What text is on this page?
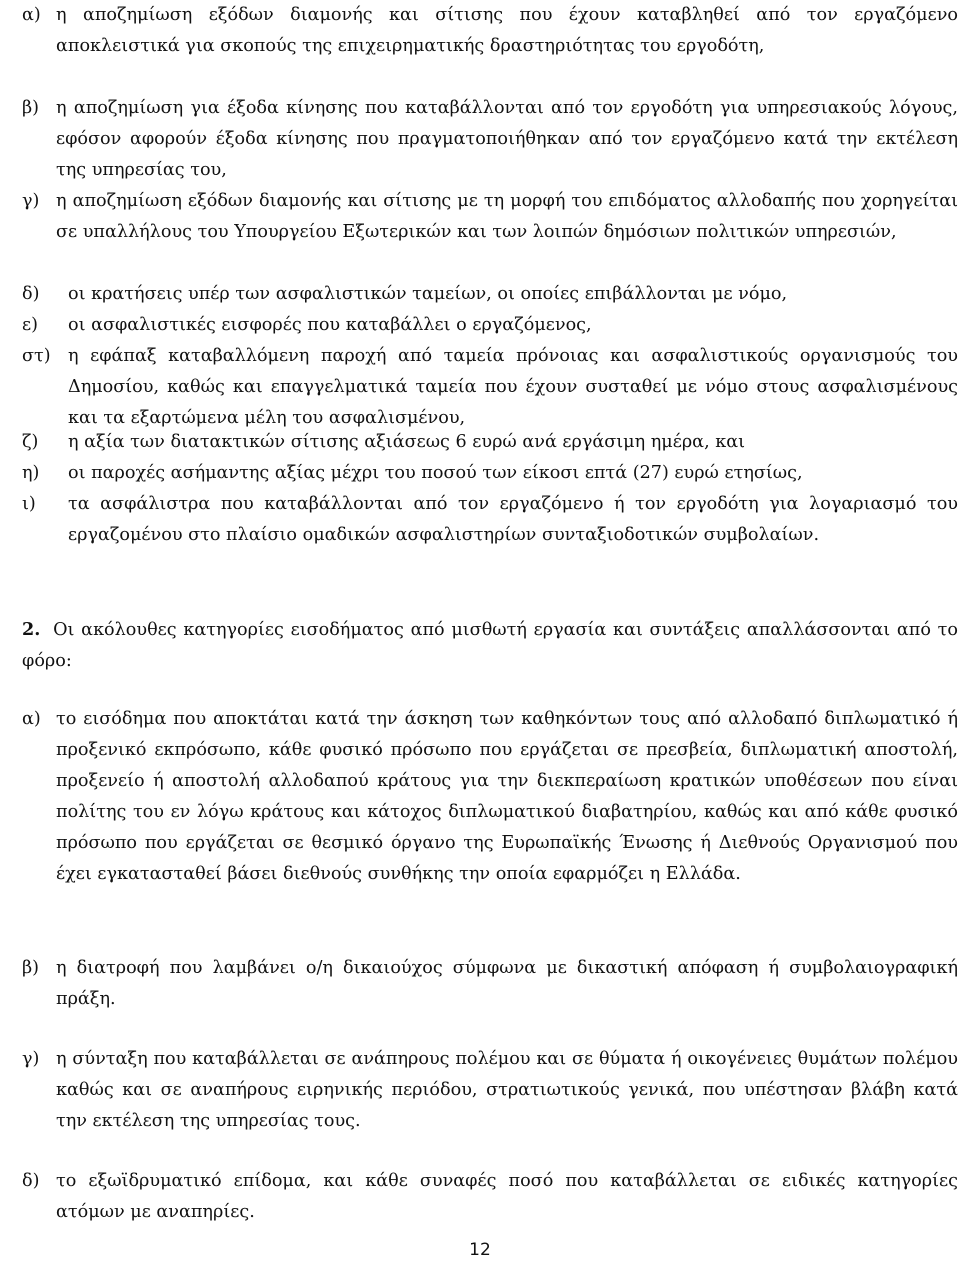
α) η αποζημίωση εξόδων διαμονής και σίτισης που έχουν καταβληθεί από τον εργαζόμενο αποκλειστικά για σκοπούς της επιχειρηματικής δραστηριότητας του εργοδότη,
β) η αποζημίωση για έξοδα κίνησης που καταβάλλονται από τον εργοδότη για υπηρεσιακούς λόγους, εφόσον αφορούν έξοδα κίνησης που πραγματοποιήθηκαν από τον εργαζόμενο κατά την εκτέλεση της υπηρεσίας του,
γ) η αποζημίωση εξόδων διαμονής και σίτισης με τη μορφή του επιδόματος αλλοδαπής που χορηγείται σε υπαλλήλους του Υπουργείου Εξωτερικών και των λοιπών δημόσιων πολιτικών υπηρεσιών,
δ)	οι κρατήσεις υπέρ των ασφαλιστικών ταμείων, οι οποίες επιβάλλονται με νόμο,
ε)	οι ασφαλιστικές εισφορές που καταβάλλει ο εργαζόμενος,
στ) η εφάπαξ καταβαλλόμενη παροχή από ταμεία πρόνοιας και ασφαλιστικούς οργανισμούς του Δημοσίου, καθώς και επαγγελματικά ταμεία που έχουν συσταθεί με νόμο στους ασφαλισμένους και τα εξαρτώμενα μέλη του ασφαλισμένου,
ζ)	η αξία των διατακτικών σίτισης αξιάσεως 6 ευρώ ανά εργάσιμη ημέρα, και
η)	οι παροχές ασήμαντης αξίας μέχρι του ποσού των είκοσι επτά (27) ευρώ ετησίως,
ι)	τα ασφάλιστρα που καταβάλλονται από τον εργαζόμενο ή τον εργοδότη για λογαριασμό του εργαζομένου στο πλαίσιο ομαδικών ασφαλιστηρίων συνταξιοδοτικών συμβολαίων.
2. Οι ακόλουθες κατηγορίες εισοδήματος από μισθωτή εργασία και συντάξεις απαλλάσσονται από το φόρο:
α) το εισόδημα που αποκτάται κατά την άσκηση των καθηκόντων τους από αλλοδαπό διπλωματικό ή προξενικό εκπρόσωπο, κάθε φυσικό πρόσωπο που εργάζεται σε πρεσβεία, διπλωματική αποστολή, προξενείο ή αποστολή αλλοδαπού κράτους για την διεκπεραίωση κρατικών υποθέσεων που είναι πολίτης του εν λόγω κράτους και κάτοχος διπλωματικού διαβατηρίου, καθώς και από κάθε φυσικό πρόσωπο που εργάζεται σε θεσμικό όργανο της Ευρωπαϊκής Ένωσης ή Διεθνούς Οργανισμού που έχει εγκατασταθεί βάσει διεθνούς συνθήκης την οποία εφαρμόζει η Ελλάδα.
β) η διατροφή που λαμβάνει ο/η δικαιούχος σύμφωνα με δικαστική απόφαση ή συμβολαιογραφική πράξη.
γ) η σύνταξη που καταβάλλεται σε ανάπηρους πολέμου και σε θύματα ή οικογένειες θυμάτων πολέμου καθώς και σε αναπήρους ειρηνικής περιόδου, στρατιωτικούς γενικά, που υπέστησαν βλάβη κατά την εκτέλεση της υπηρεσίας τους.
δ) το εξωϊδρυματικό επίδομα, και κάθε συναφές ποσό που καταβάλλεται σε ειδικές κατηγορίες ατόμων με αναπηρίες.
12
